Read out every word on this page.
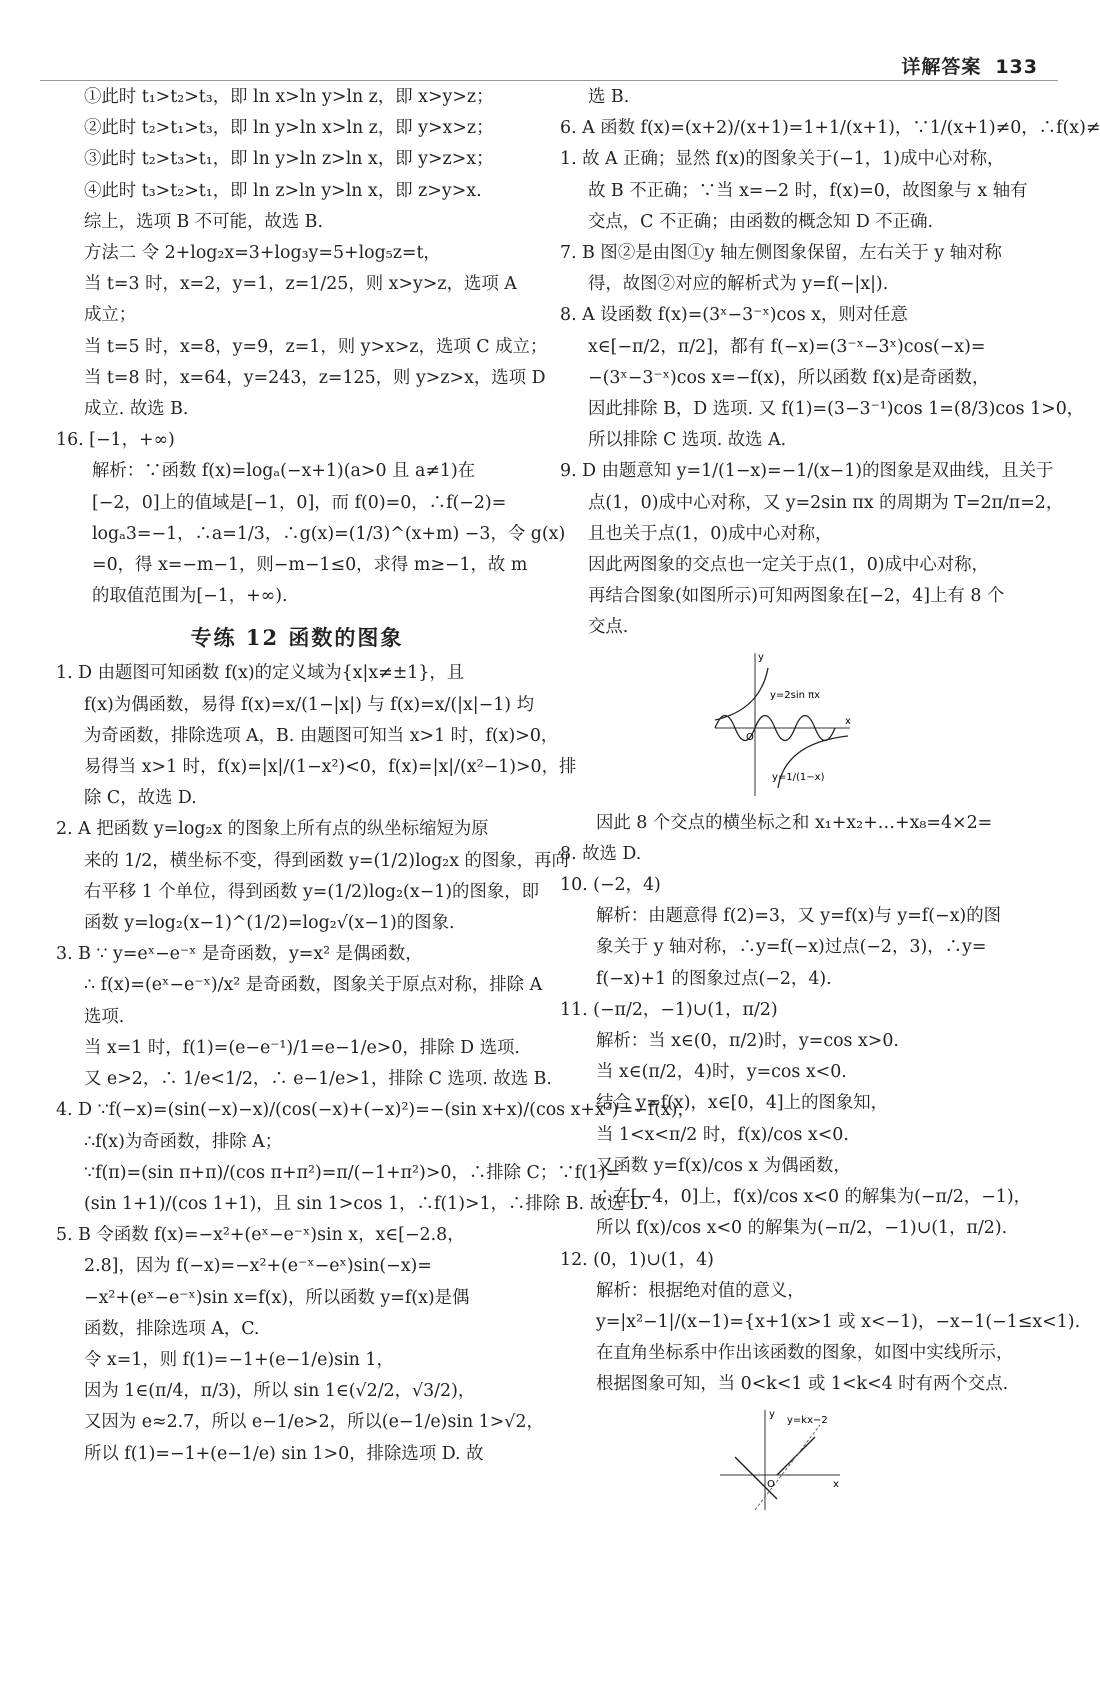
详解答案 133
①此时 t₁>t₂>t₃，即 ln x>ln y>ln z，即 x>y>z；
②此时 t₂>t₁>t₃，即 ln y>ln x>ln z，即 y>x>z；
③此时 t₂>t₃>t₁，即 ln y>ln z>ln x，即 y>z>x；
④此时 t₃>t₂>t₁，即 ln z>ln y>ln x，即 z>y>x.
综上，选项 B 不可能，故选 B.
方法二 令 2+log₂x=3+log₃y=5+log₅z=t，
当 t=3 时，x=2，y=1，z=1/25，则 x>y>z，选项 A
成立；
当 t=5 时，x=8，y=9，z=1，则 y>x>z，选项 C 成立；
当 t=8 时，x=64，y=243，z=125，则 y>z>x，选项 D
成立. 故选 B.
16. [−1，+∞)
解析：∵函数 f(x)=logₐ(−x+1)(a>0 且 a≠1)在
[−2，0]上的值域是[−1，0]，而 f(0)=0，∴f(−2)=
logₐ3=−1，∴a=1/3，∴g(x)=(1/3)^(x+m) −3，令 g(x)
=0，得 x=−m−1，则−m−1≤0，求得 m≥−1，故 m
的取值范围为[−1，+∞).
专练 12 函数的图象
1. D 由题图可知函数 f(x)的定义域为{x|x≠±1}，且
f(x)为偶函数，易得 f(x)=x/(1−|x|) 与 f(x)=x/(|x|−1) 均
为奇函数，排除选项 A，B. 由题图可知当 x>1 时，f(x)>0，
易得当 x>1 时，f(x)=|x|/(1−x²)<0，f(x)=|x|/(x²−1)>0，排
除 C，故选 D.
2. A 把函数 y=log₂x 的图象上所有点的纵坐标缩短为原
来的 1/2，横坐标不变，得到函数 y=(1/2)log₂x 的图象，再向
右平移 1 个单位，得到函数 y=(1/2)log₂(x−1)的图象，即
函数 y=log₂(x−1)^(1/2)=log₂√(x−1)的图象.
3. B ∵ y=eˣ−e⁻ˣ 是奇函数，y=x² 是偶函数，
∴ f(x)=(eˣ−e⁻ˣ)/x² 是奇函数，图象关于原点对称，排除 A
选项.
当 x=1 时，f(1)=(e−e⁻¹)/1=e−1/e>0，排除 D 选项.
又 e>2，∴ 1/e<1/2，∴ e−1/e>1，排除 C 选项. 故选 B.
4. D ∵f(−x)=(sin(−x)−x)/(cos(−x)+(−x)²)=−(sin x+x)/(cos x+x²)=−f(x)，
∴f(x)为奇函数，排除 A；
∵f(π)=(sin π+π)/(cos π+π²)=π/(−1+π²)>0，∴排除 C；∵f(1)=
(sin 1+1)/(cos 1+1)，且 sin 1>cos 1，∴f(1)>1，∴排除 B. 故选 D.
5. B 令函数 f(x)=−x²+(eˣ−e⁻ˣ)sin x，x∈[−2.8，
2.8]，因为 f(−x)=−x²+(e⁻ˣ−eˣ)sin(−x)=
−x²+(eˣ−e⁻ˣ)sin x=f(x)，所以函数 y=f(x)是偶
函数，排除选项 A，C.
令 x=1，则 f(1)=−1+(e−1/e)sin 1，
因为 1∈(π/4，π/3)，所以 sin 1∈(√2/2，√3/2)，
又因为 e≈2.7，所以 e−1/e>2，所以(e−1/e)sin 1>√2，
所以 f(1)=−1+(e−1/e) sin 1>0，排除选项 D. 故
选 B.
6. A 函数 f(x)=(x+2)/(x+1)=1+1/(x+1)，∵1/(x+1)≠0，∴f(x)≠
1. 故 A 正确；显然 f(x)的图象关于(−1，1)成中心对称，
故 B 不正确；∵当 x=−2 时，f(x)=0，故图象与 x 轴有
交点，C 不正确；由函数的概念知 D 不正确.
7. B 图②是由图①y 轴左侧图象保留，左右关于 y 轴对称
得，故图②对应的解析式为 y=f(−|x|).
8. A 设函数 f(x)=(3ˣ−3⁻ˣ)cos x，则对任意
x∈[−π/2，π/2]，都有 f(−x)=(3⁻ˣ−3ˣ)cos(−x)=
−(3ˣ−3⁻ˣ)cos x=−f(x)，所以函数 f(x)是奇函数，
因此排除 B，D 选项. 又 f(1)=(3−3⁻¹)cos 1=(8/3)cos 1>0，
所以排除 C 选项. 故选 A.
9. D 由题意知 y=1/(1−x)=−1/(x−1)的图象是双曲线，且关于
点(1，0)成中心对称，又 y=2sin πx 的周期为 T=2π/π=2，
且也关于点(1，0)成中心对称，
因此两图象的交点也一定关于点(1，0)成中心对称，
再结合图象(如图所示)可知两图象在[−2，4]上有 8 个
交点.
y=2sin πx
y=1/(1−x)
x
y
O
因此 8 个交点的横坐标之和 x₁+x₂+…+x₈=4×2=
8. 故选 D.
10. (−2，4)
解析：由题意得 f(2)=3，又 y=f(x)与 y=f(−x)的图
象关于 y 轴对称，∴y=f(−x)过点(−2，3)，∴y=
f(−x)+1 的图象过点(−2，4).
11. (−π/2，−1)∪(1，π/2)
解析：当 x∈(0，π/2)时，y=cos x>0.
当 x∈(π/2，4)时，y=cos x<0.
结合 y=f(x)，x∈[0，4]上的图象知，
当 1<x<π/2 时，f(x)/cos x<0.
又函数 y=f(x)/cos x 为偶函数，
∴在[−4，0]上，f(x)/cos x<0 的解集为(−π/2，−1)，
所以 f(x)/cos x<0 的解集为(−π/2，−1)∪(1，π/2).
12. (0，1)∪(1，4)
解析：根据绝对值的意义，
y=|x²−1|/(x−1)={x+1(x>1 或 x<−1)，−x−1(−1≤x<1).
在直角坐标系中作出该函数的图象，如图中实线所示，
根据图象可知，当 0<k<1 或 1<k<4 时有两个交点.
y=kx−2
x
y
O
